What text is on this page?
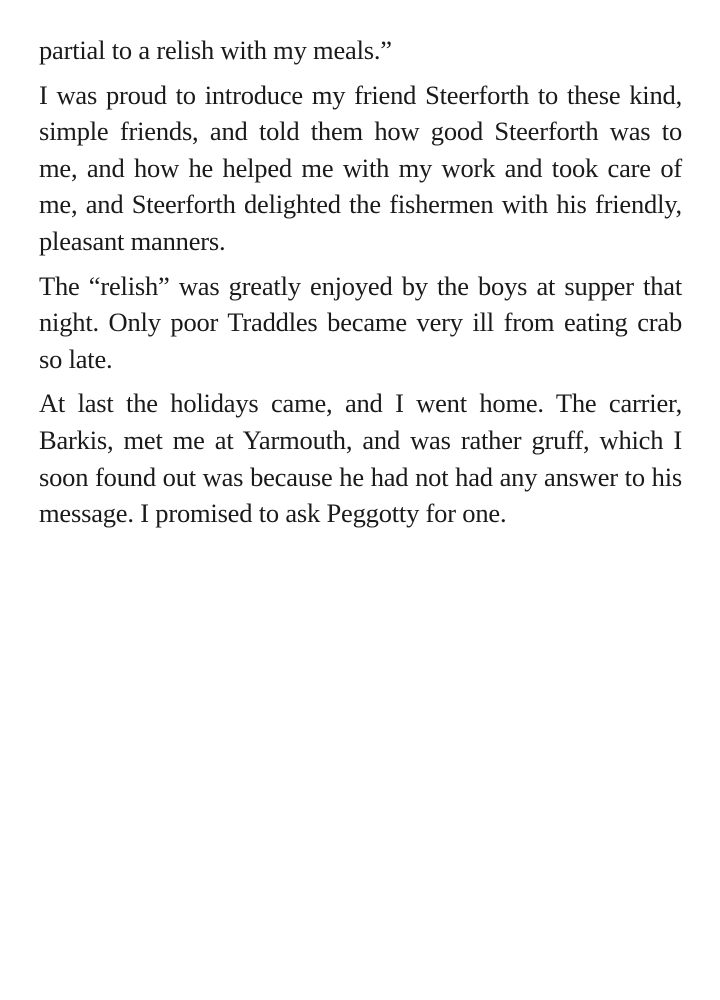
partial to a relish with my meals.”

I was proud to introduce my friend Steerforth to these kind, simple friends, and told them how good Steerforth was to me, and how he helped me with my work and took care of me, and Steerforth delighted the fishermen with his friendly, pleasant manners.

The “relish” was greatly enjoyed by the boys at supper that night. Only poor Traddles became very ill from eating crab so late.

At last the holidays came, and I went home. The carrier, Barkis, met me at Yarmouth, and was rather gruff, which I soon found out was because he had not had any answer to his message. I promised to ask Peggotty for one.
